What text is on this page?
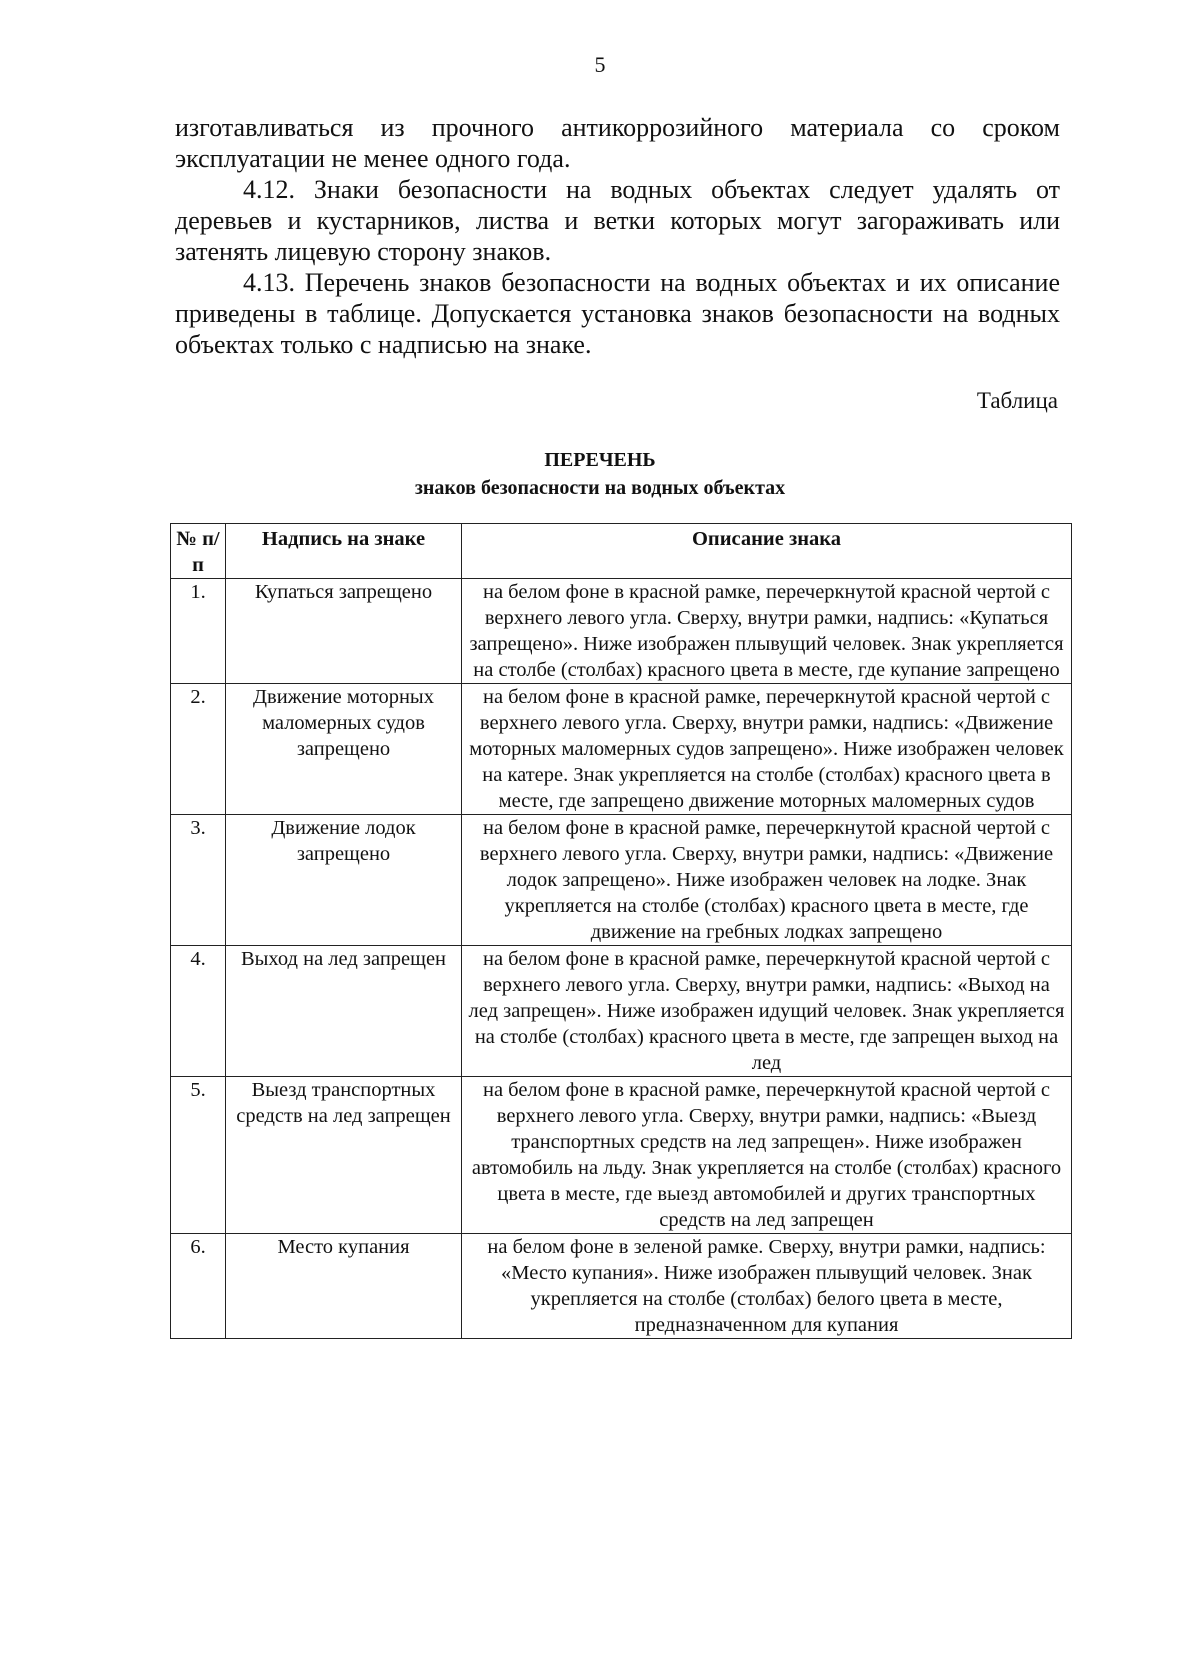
5

изготавливаться из прочного антикоррозийного материала со сроком эксплуатации не менее одного года.

4.12. Знаки безопасности на водных объектах следует удалять от деревьев и кустарников, листва и ветки которых могут загораживать или затенять лицевую сторону знаков.

4.13. Перечень знаков безопасности на водных объектах и их описание приведены в таблице. Допускается установка знаков безопасности на водных объектах только с надписью на знаке.

Таблица
ПЕРЕЧЕНЬ
знаков безопасности на водных объектах
№ п/п	Надпись на знаке	Описание знака
1.	Купаться запрещено	на белом фоне в красной рамке, перечеркнутой красной чертой с верхнего левого угла. Сверху, внутри рамки, надпись: «Купаться запрещено». Ниже изображен плывущий человек. Знак укрепляется на столбе (столбах) красного цвета в месте, где купание запрещено
2.	Движение моторных маломерных судов запрещено	на белом фоне в красной рамке, перечеркнутой красной чертой с верхнего левого угла. Сверху, внутри рамки, надпись: «Движение моторных маломерных судов запрещено». Ниже изображен человек на катере. Знак укрепляется на столбе (столбах) красного цвета в месте, где запрещено движение моторных маломерных судов
3.	Движение лодок запрещено	на белом фоне в красной рамке, перечеркнутой красной чертой с верхнего левого угла. Сверху, внутри рамки, надпись: «Движение лодок запрещено». Ниже изображен человек на лодке. Знак укрепляется на столбе (столбах) красного цвета в месте, где движение на гребных лодках запрещено
4.	Выход на лед запрещен	на белом фоне в красной рамке, перечеркнутой красной чертой с верхнего левого угла. Сверху, внутри рамки, надпись: «Выход на лед запрещен». Ниже изображен идущий человек. Знак укрепляется на столбе (столбах) красного цвета в месте, где запрещен выход на лед
5.	Выезд транспортных средств на лед запрещен	на белом фоне в красной рамке, перечеркнутой красной чертой с верхнего левого угла. Сверху, внутри рамки, надпись: «Выезд транспортных средств на лед запрещен». Ниже изображен автомобиль на льду. Знак укрепляется на столбе (столбах) красного цвета в месте, где выезд автомобилей и других транспортных средств на лед запрещен
6.	Место купания	на белом фоне в зеленой рамке. Сверху, внутри рамки, надпись: «Место купания». Ниже изображен плывущий человек. Знак укрепляется на столбе (столбах) белого цвета в месте, предназначенном для купания
